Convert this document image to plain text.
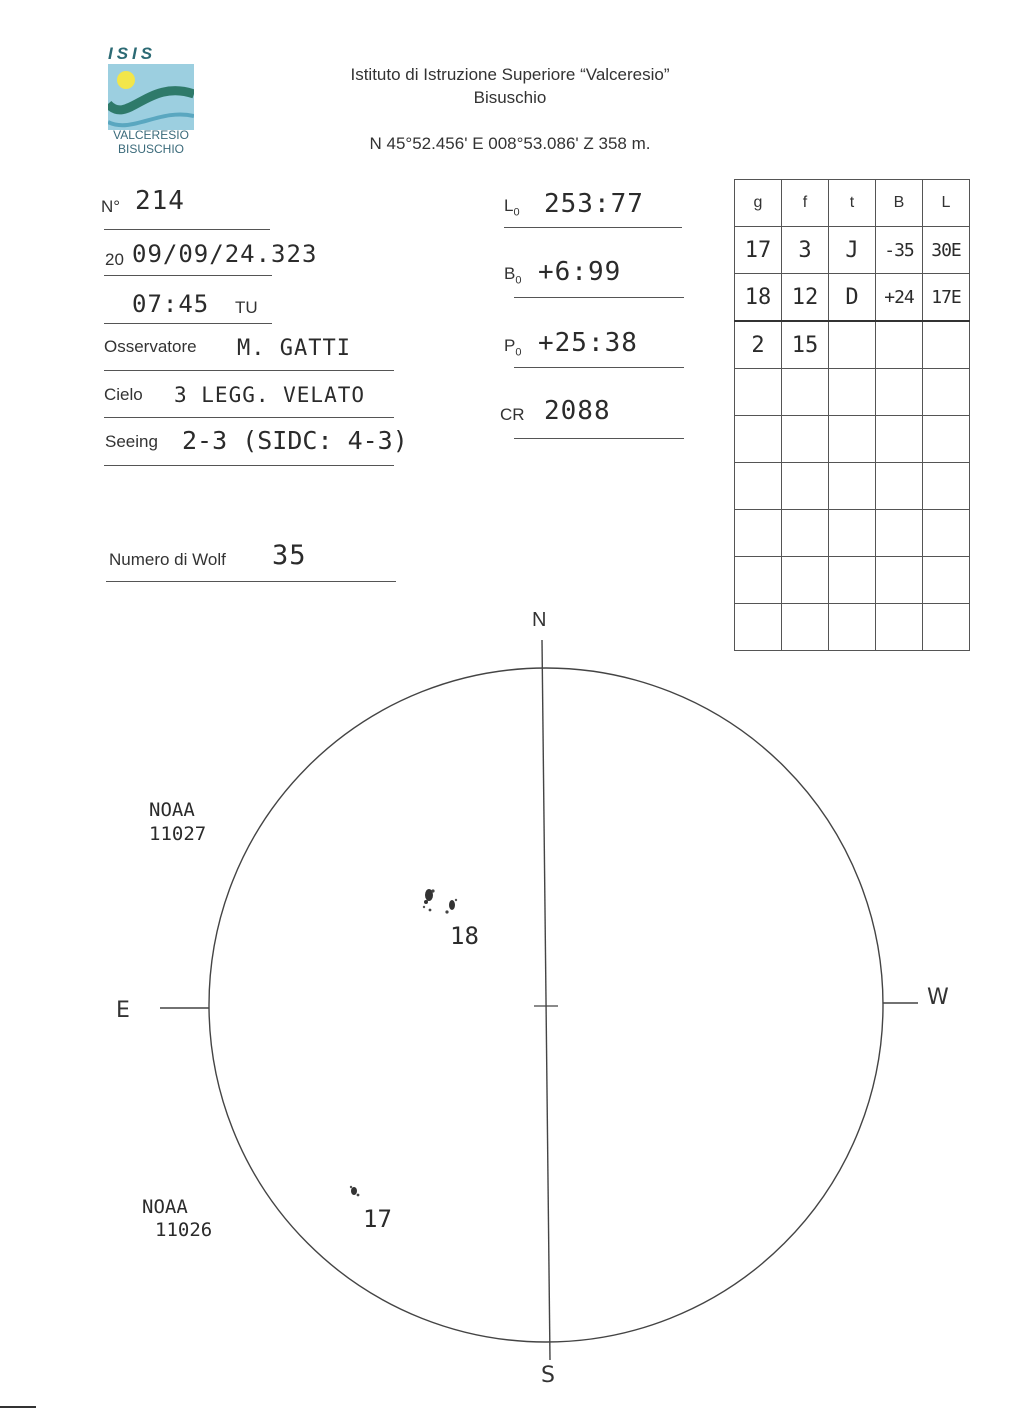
ISIS
VALCERESIO
BISUSCHIO
Istituto di Istruzione Superiore “Valceresio”
Bisuschio
N 45°52.456' E 008°53.086' Z 358 m.
N° 214
20 09/09/24.323
07:45 TU
Osservatore M. GATTI
Cielo 3 LEGG. VELATO
Seeing 2-3 (SIDC: 4-3)
Numero di Wolf 35
$L_0$ 253:77
$B_0$ +6:99
$P_0$ +25:38
CR 2088
g	f	t	B	L
17	3	J	-35	30E
18	12	D	+24	17E
2	15			

N
S
E
W
18
17
NOAA
11027
NOAA
11026
